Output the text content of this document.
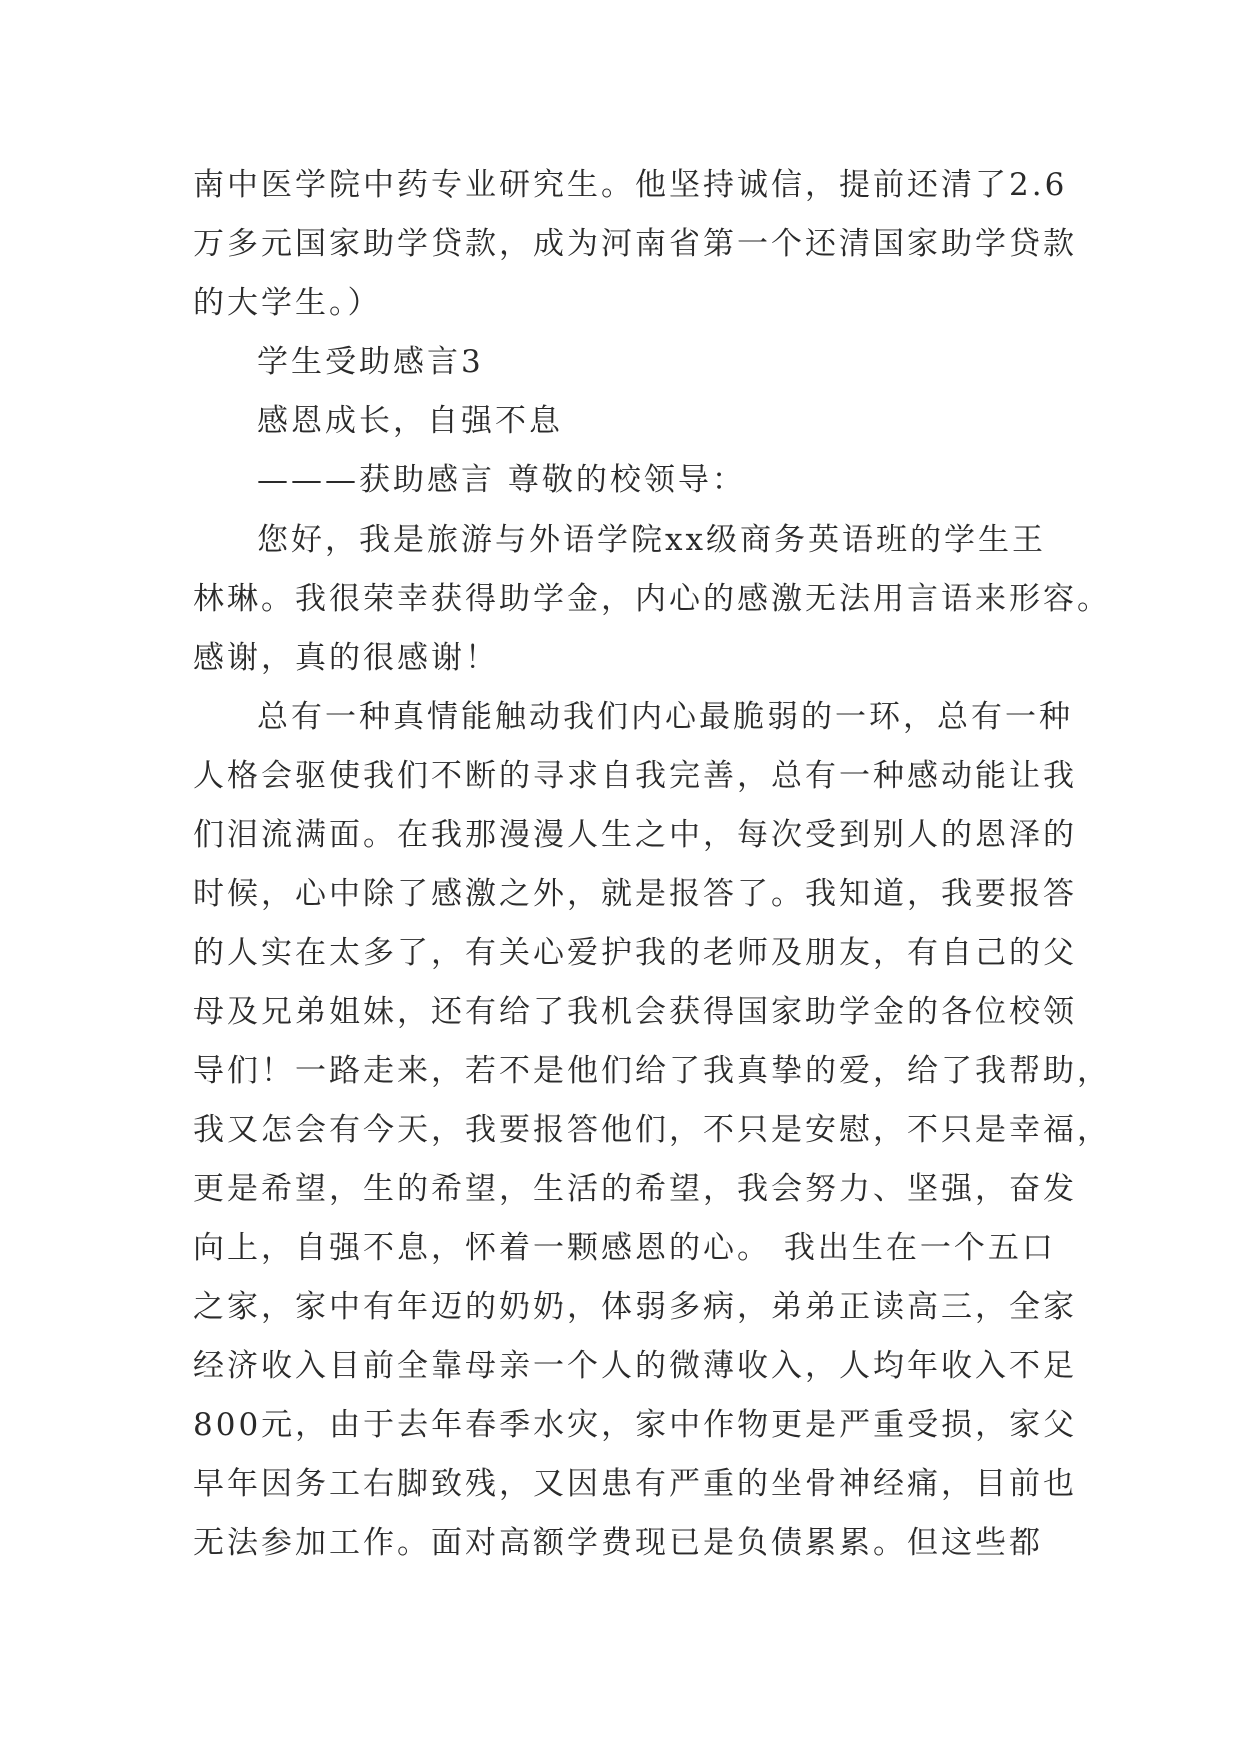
南中医学院中药专业研究生。他坚持诚信，提前还清了2.6
万多元国家助学贷款，成为河南省第一个还清国家助学贷款
的大学生。）
学生受助感言3
感恩成长，自强不息
———获助感言 尊敬的校领导：
您好，我是旅游与外语学院xx级商务英语班的学生王
林琳。我很荣幸获得助学金，内心的感激无法用言语来形容。
感谢，真的很感谢！
总有一种真情能触动我们内心最脆弱的一环，总有一种
人格会驱使我们不断的寻求自我完善，总有一种感动能让我
们泪流满面。在我那漫漫人生之中，每次受到别人的恩泽的
时候，心中除了感激之外，就是报答了。我知道，我要报答
的人实在太多了，有关心爱护我的老师及朋友，有自己的父
母及兄弟姐妹，还有给了我机会获得国家助学金的各位校领
导们！一路走来，若不是他们给了我真挚的爱，给了我帮助，
我又怎会有今天，我要报答他们，不只是安慰，不只是幸福，
更是希望，生的希望，生活的希望，我会努力、坚强，奋发
向上，自强不息，怀着一颗感恩的心。 我出生在一个五口
之家，家中有年迈的奶奶，体弱多病，弟弟正读高三，全家
经济收入目前全靠母亲一个人的微薄收入，人均年收入不足
800元，由于去年春季水灾，家中作物更是严重受损，家父
早年因务工右脚致残，又因患有严重的坐骨神经痛，目前也
无法参加工作。面对高额学费现已是负债累累。但这些都
